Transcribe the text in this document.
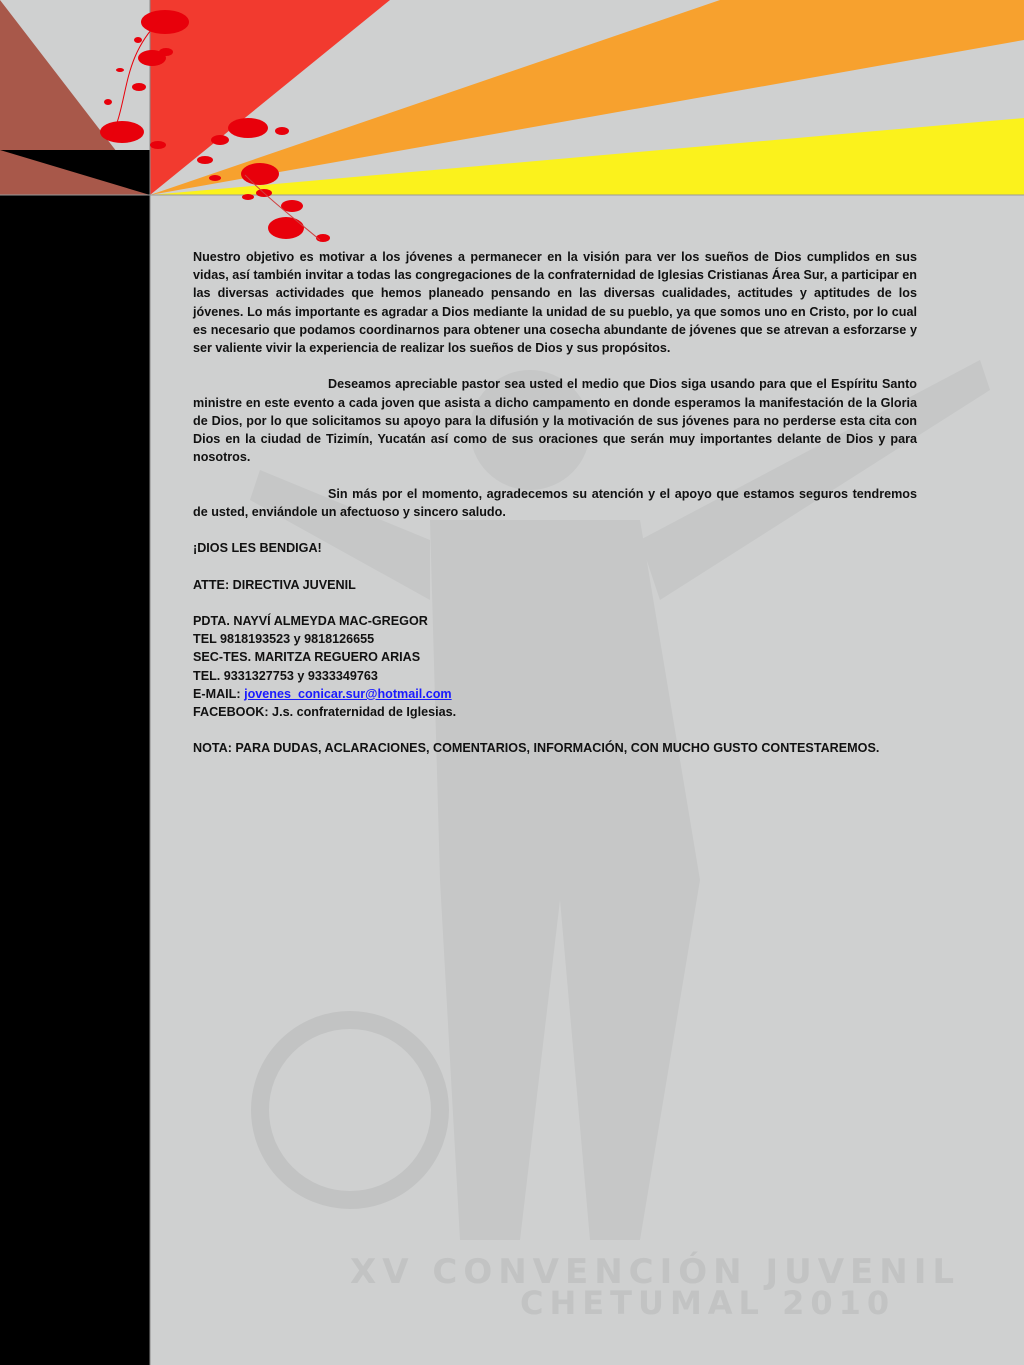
XV CONVENCIÓN JUVENIL
CHETUMAL 2010

Nuestro objetivo es motivar a los jóvenes a permanecer en la visión para ver los sueños de Dios cumplidos en sus vidas, así también invitar a todas las congregaciones de la confraternidad de Iglesias Cristianas Área Sur, a participar en las diversas actividades que hemos planeado pensando en las diversas cualidades, actitudes y aptitudes de los jóvenes. Lo más importante es agradar a Dios mediante la unidad de su pueblo, ya que somos uno en Cristo, por lo cual es necesario que podamos coordinarnos para obtener una cosecha abundante de jóvenes que se atrevan a esforzarse y ser valiente vivir la experiencia de realizar los sueños de Dios y sus propósitos.

Deseamos apreciable pastor sea usted el medio que Dios siga usando para que el Espíritu Santo ministre en este evento a cada joven que asista a dicho campamento en donde esperamos la manifestación de la Gloria de Dios, por lo que solicitamos su apoyo para la difusión y la motivación de sus jóvenes para no perderse esta cita con Dios en la ciudad de Tizimín, Yucatán así como de sus oraciones que serán muy importantes delante de Dios y para nosotros.

Sin más por el momento, agradecemos su atención y el apoyo que estamos seguros tendremos de usted, enviándole un afectuoso y sincero saludo.

¡DIOS LES BENDIGA!

ATTE: DIRECTIVA JUVENIL

PDTA. NAYVÍ ALMEYDA MAC-GREGOR

TEL 9818193523 y 9818126655

SEC-TES. MARITZA REGUERO ARIAS

TEL. 9331327753 y 9333349763

E-MAIL: jovenes_conicar.sur@hotmail.com

FACEBOOK: J.s. confraternidad de Iglesias.

NOTA: PARA DUDAS, ACLARACIONES, COMENTARIOS, INFORMACIÓN, CON MUCHO GUSTO CONTESTAREMOS.
